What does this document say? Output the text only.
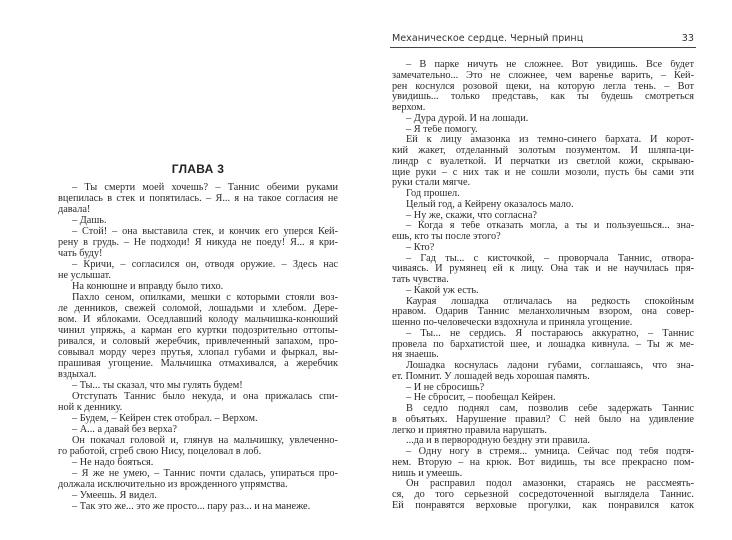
Механическое сердце. Черный принц	33
ГЛАВА 3
– Ты смерти моей хочешь? – Таннис обеими руками
вцепилась в стек и попятилась. – Я... я на такое согласия не
давала!
– Дашь.
– Стой! – она выставила стек, и кончик его уперся Кей-
рену в грудь. – Не подходи! Я никуда не поеду! Я... я кри-
чать буду!
– Кричи, – согласился он, отводя оружие. – Здесь нас
не услышат.
На конюшне и вправду было тихо.
Пахло сеном, опилками, мешки с которыми стояли воз-
ле денников, свежей соломой, лошадьми и хлебом. Дере-
вом. И яблоками. Оседлавший колоду мальчишка-конюший
чинил упряжь, а карман его куртки подозрительно оттопы-
ривался, и соловый жеребчик, привлеченный запахом, про-
совывал морду через прутья, хлопал губами и фыркал, вы-
прашивая угощение. Мальчишка отмахивался, а жеребчик
вздыхал.
– Ты... ты сказал, что мы гулять будем!
Отступать Таннис было некуда, и она прижалась спи-
ной к деннику.
– Будем, – Кейрен стек отобрал. – Верхом.
– А... а давай без верха?
Он покачал головой и, глянув на мальчишку, увлеченно-
го работой, сгреб свою Нису, поцеловал в лоб.
– Не надо бояться.
– Я же не умею, – Таннис почти сдалась, упираться про-
должала исключительно из врожденного упрямства.
– Умеешь. Я видел.
– Так это же... это же просто... пару раз... и на манеже.
– В парке ничуть не сложнее. Вот увидишь. Все будет
замечательно... Это не сложнее, чем варенье варить, – Кей-
рен коснулся розовой щеки, на которую легла тень. – Вот
увидишь... только представь, как ты будешь смотреться
верхом.
– Дура дурой. И на лошади.
– Я тебе помогу.
Ей к лицу амазонка из темно-синего бархата. И корот-
кий жакет, отделанный золотым позументом. И шляпа-ци-
линдр с вуалеткой. И перчатки из светлой кожи, скрываю-
щие руки – с них так и не сошли мозоли, пусть бы сами эти
руки стали мягче.
Год прошел.
Целый год, а Кейрену оказалось мало.
– Ну же, скажи, что согласна?
– Когда я тебе отказать могла, а ты и пользуешься... зна-
ешь, кто ты после этого?
– Кто?
– Гад ты... с кисточкой, – проворчала Таннис, отвора-
чиваясь. И румянец ей к лицу. Она так и не научилась пря-
тать чувства.
– Какой уж есть.
Каурая лошадка отличалась на редкость спокойным
нравом. Одарив Таннис меланхоличным взором, она совер-
шенно по-человечески вздохнула и приняла угощение.
– Ты... не сердись. Я постараюсь аккуратно, – Таннис
провела по бархатистой шее, и лошадка кивнула. – Ты ж ме-
ня знаешь.
Лошадка коснулась ладони губами, соглашаясь, что зна-
ет. Помнит. У лошадей ведь хорошая память.
– И не сбросишь?
– Не сбросит, – пообещал Кейрен.
В седло поднял сам, позволив себе задержать Таннис
в объятьях. Нарушение правил? С ней было на удивление
легко и приятно правила нарушать.
...да и в первородную бездну эти правила.
– Одну ногу в стремя... умница. Сейчас под тебя подтя-
нем. Вторую – на крюк. Вот видишь, ты все прекрасно пом-
нишь и умеешь.
Он расправил подол амазонки, стараясь не рассмеять-
ся, до того серьезной сосредоточенной выглядела Таннис.
Ей понравятся верховые прогулки, как понравился каток
